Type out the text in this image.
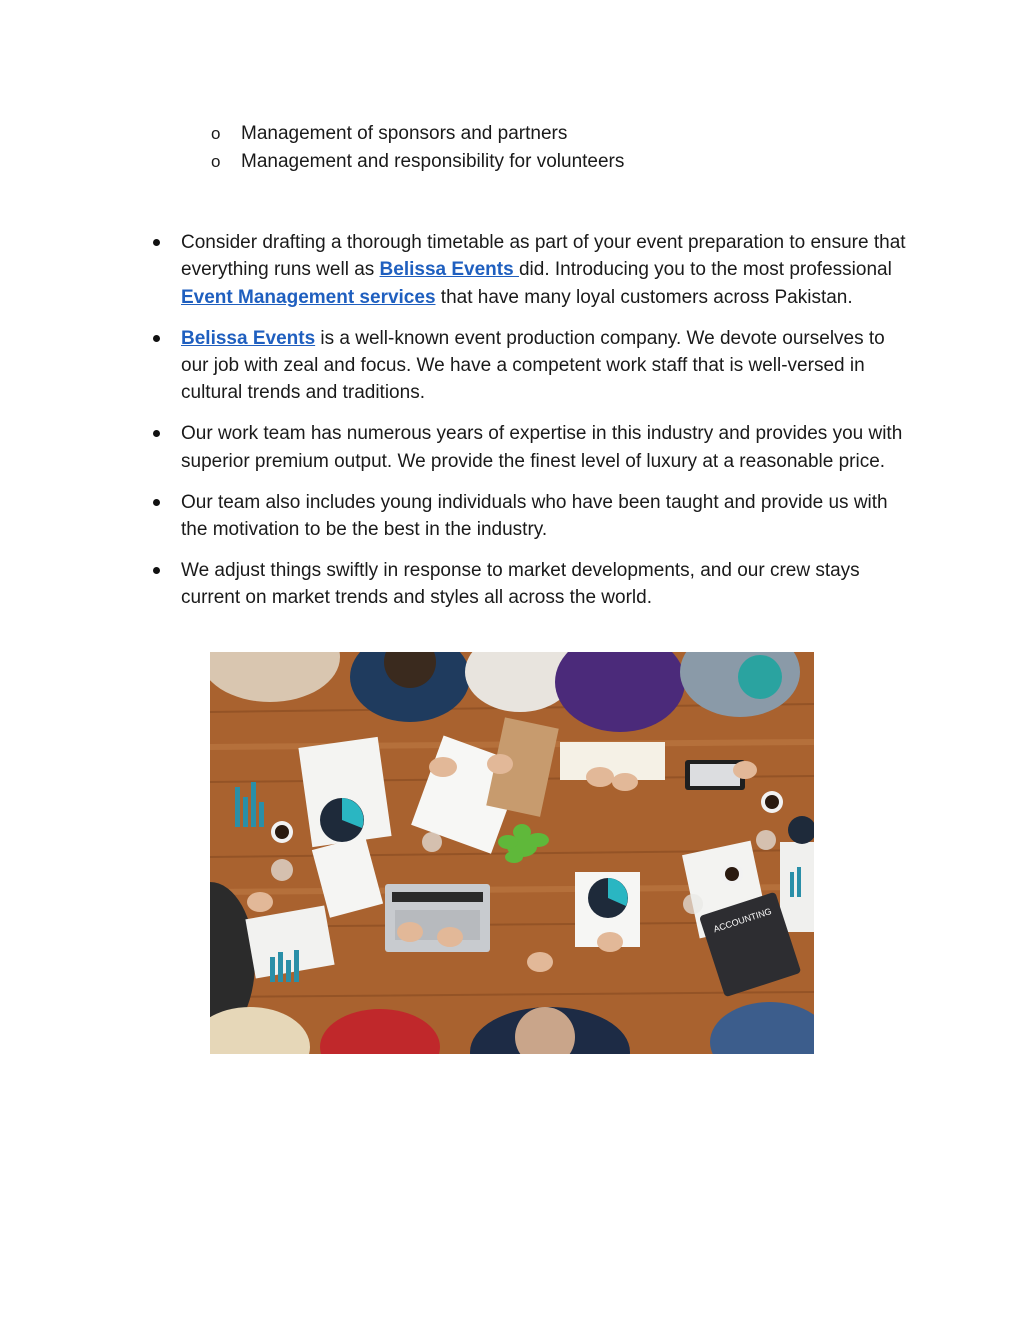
o Management of sponsors and partners
o Management and responsibility for volunteers
Consider drafting a thorough timetable as part of your event preparation to ensure that everything runs well as Belissa Events did. Introducing you to the most professional Event Management services that have many loyal customers across Pakistan.
Belissa Events is a well-known event production company. We devote ourselves to our job with zeal and focus. We have a competent work staff that is well-versed in cultural trends and traditions.
Our work team has numerous years of expertise in this industry and provides you with superior premium output. We provide the finest level of luxury at a reasonable price.
Our team also includes young individuals who have been taught and provide us with the motivation to be the best in the industry.
We adjust things swiftly in response to market developments, and our crew stays current on market trends and styles all across the world.
ACCOUNTING
